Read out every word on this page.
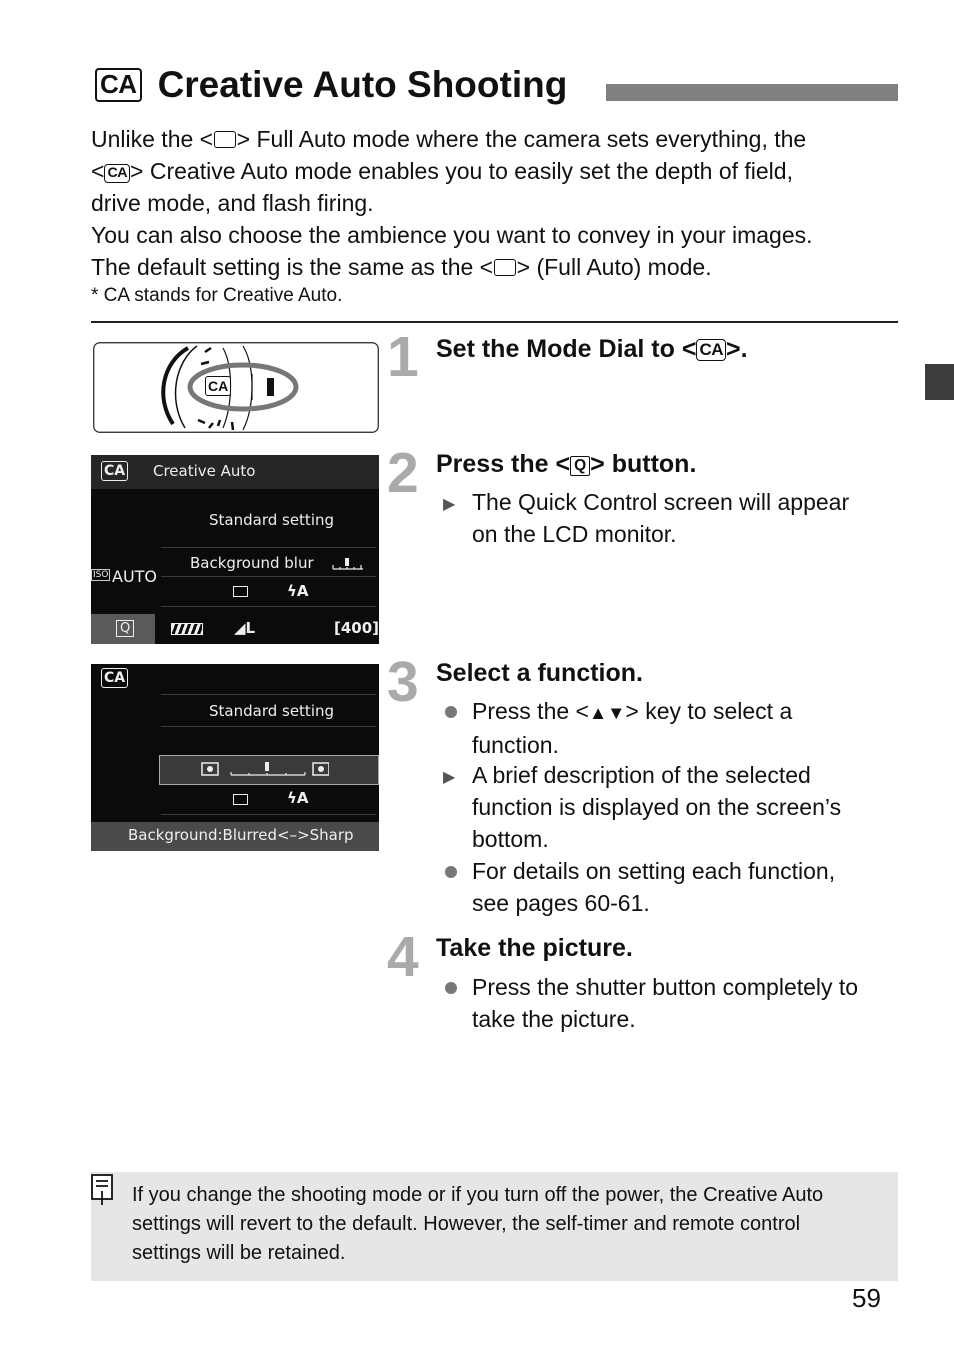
CA Creative Auto Shooting
Unlike the < > Full Auto mode where the camera sets everything, the
< CA > Creative Auto mode enables you to easily set the depth of field,
drive mode, and flash firing.
You can also choose the ambience you want to convey in your images.
The default setting is the same as the < > (Full Auto) mode.
* CA stands for Creative Auto.
CA	1 Set the Mode Dial to < CA >.
CA Creative Auto
Standard setting
Background blur
ISO AUTO
ϟA
Q	◢L	[400]
2 Press the < Q > button.
▶ The Quick Control screen will appear
on the LCD monitor.
CA
Standard setting
ϟA
Background:Blurred<–>Sharp
3 Select a function.
Press the <▲▼> key to select a
function.
▶ A brief description of the selected
function is displayed on the screen’s
bottom.
For details on setting each function,
see pages 60-61.
4 Take the picture.
Press the shutter button completely to
take the picture.
If you change the shooting mode or if you turn off the power, the Creative Auto settings will revert to the default. However, the self-timer and remote control settings will be retained.
59
